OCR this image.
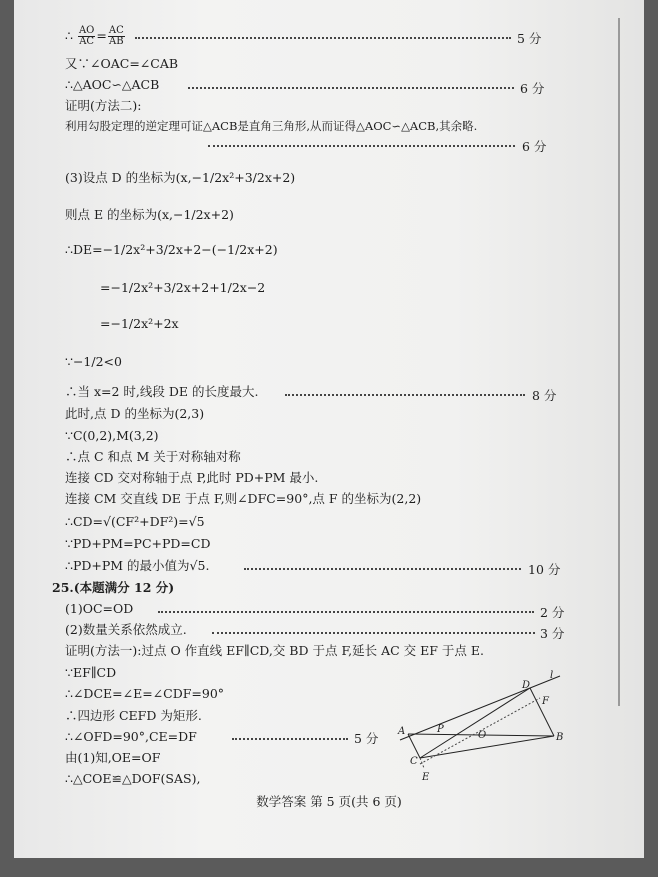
∴ $\frac{AO}{AC} = \frac{AC}{AB}$	5 分
又∵∠OAC=∠CAB
∴△AOC∽△ACB	6 分
证明(方法二):
利用勾股定理的逆定理可证△ACB是直角三角形,从而证得△AOC∽△ACB,其余略.
6 分
(3)设点 D 的坐标为(x,−1/2x²+3/2x+2)
则点 E 的坐标为(x,−1/2x+2)
∴DE=−1/2x²+3/2x+2−(−1/2x+2)
=−1/2x²+3/2x+2+1/2x−2
=−1/2x²+2x
∵−1/2<0
∴当 x=2 时,线段 DE 的长度最大.	8 分
此时,点 D 的坐标为(2,3)
∵C(0,2),M(3,2)
∴点 C 和点 M 关于对称轴对称
连接 CD 交对称轴于点 P,此时 PD+PM 最小.
连接 CM 交直线 DE 于点 F,则∠DFC=90°,点 F 的坐标为(2,2)
∴CD=√(CF²+DF²)=√5
∵PD+PM=PC+PD=CD
∴PD+PM 的最小值为√5.	10 分
25.(本题满分 12 分)
(1)OC=OD	2 分
(2)数量关系依然成立.	3 分
证明(方法一):过点 O 作直线 EF∥CD,交 BD 于点 F,延长 AC 交 EF 于点 E.
∵EF∥CD
∴∠DCE=∠E=∠CDF=90°
∴四边形 CEFD 为矩形.
∴∠OFD=90°,CE=DF	5 分
由(1)知,OE=OF
∴△COE≌△DOF(SAS),
l
D
F
A	P
O	B
C
E
数学答案 第 5 页(共 6 页)
